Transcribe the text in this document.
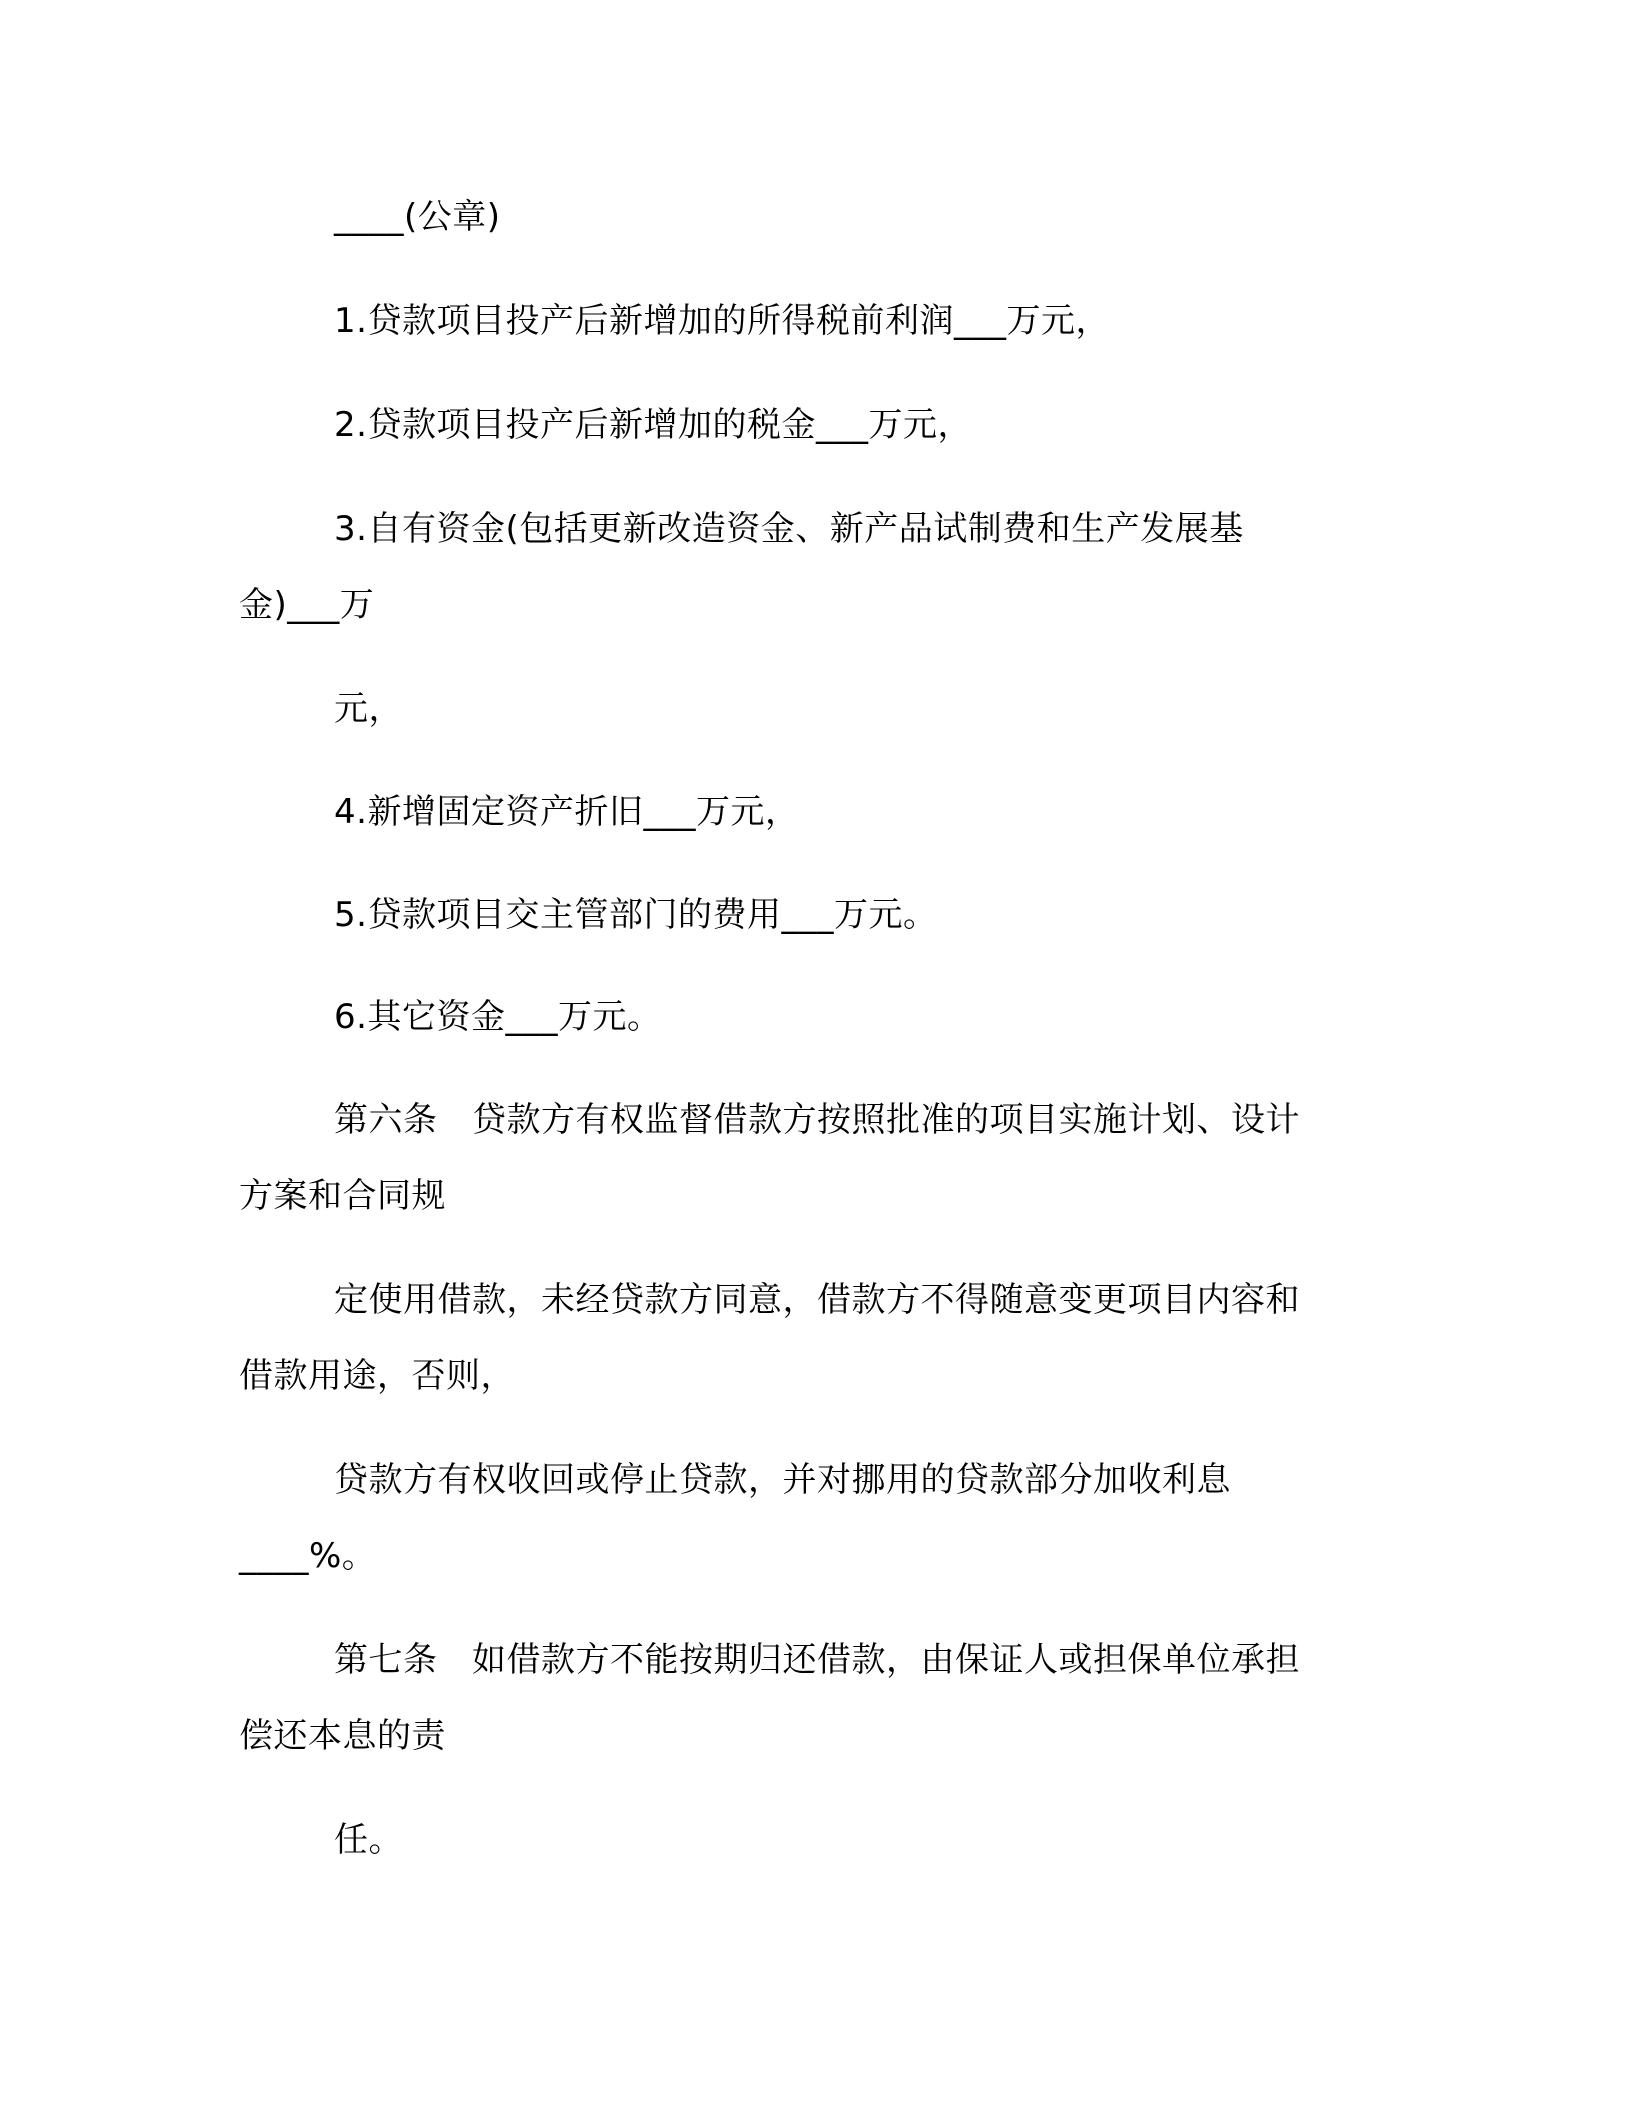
____(公章)
1.贷款项目投产后新增加的所得税前利润___万元，
2.贷款项目投产后新增加的税金___万元，
3.自有资金(包括更新改造资金、新产品试制费和生产发展基
金)___万
元，
4.新增固定资产折旧___万元，
5.贷款项目交主管部门的费用___万元。
6.其它资金___万元。
第六条　贷款方有权监督借款方按照批准的项目实施计划、设计
方案和合同规
定使用借款，未经贷款方同意，借款方不得随意变更项目内容和
借款用途，否则，
贷款方有权收回或停止贷款，并对挪用的贷款部分加收利息
____%。
第七条　如借款方不能按期归还借款，由保证人或担保单位承担
偿还本息的责
任。
